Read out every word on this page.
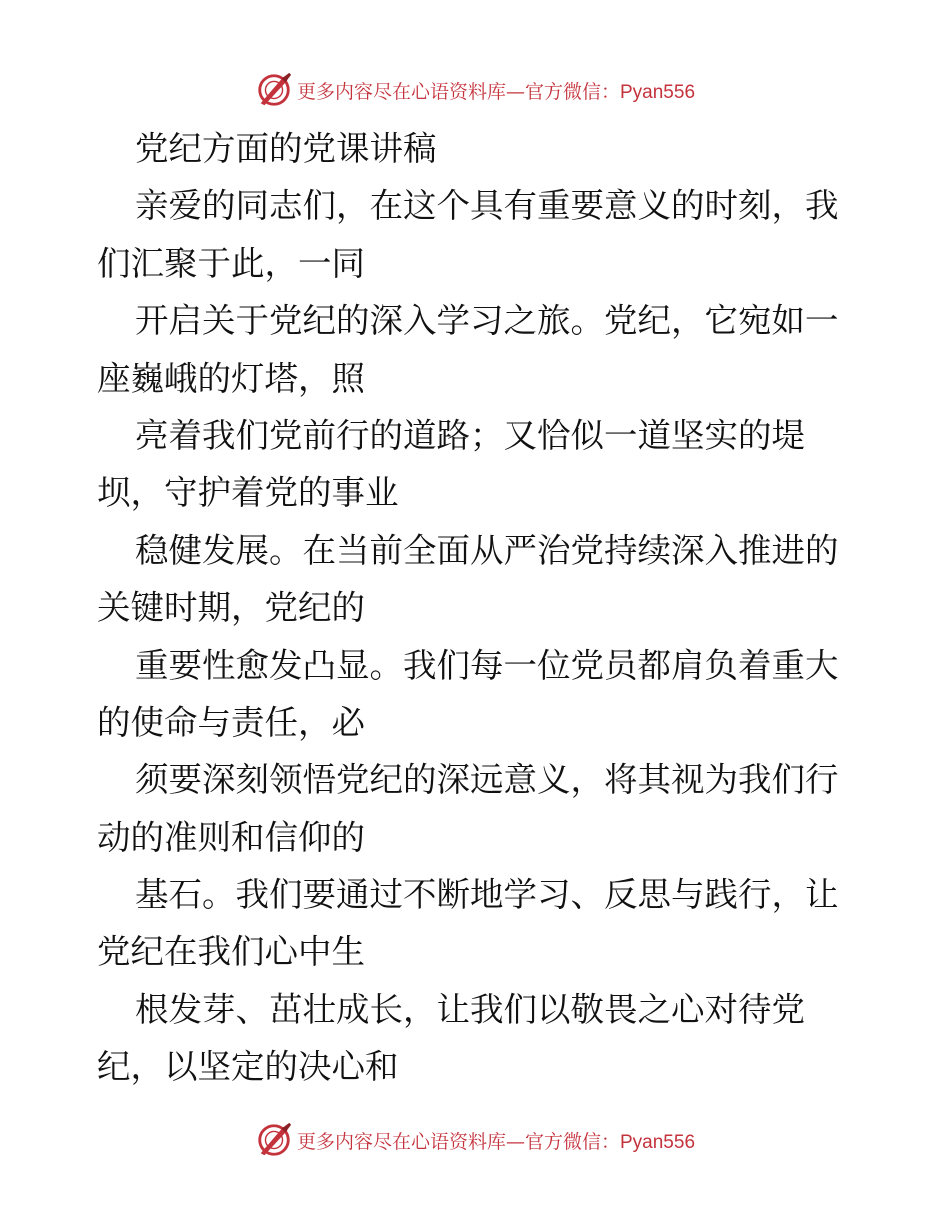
更多内容尽在心语资料库—官方微信：Pyan556
党纪方面的党课讲稿
亲爱的同志们，在这个具有重要意义的时刻，我
们汇聚于此，一同
开启关于党纪的深入学习之旅。党纪，它宛如一
座巍峨的灯塔，照
亮着我们党前行的道路；又恰似一道坚实的堤
坝，守护着党的事业
稳健发展。在当前全面从严治党持续深入推进的
关键时期，党纪的
重要性愈发凸显。我们每一位党员都肩负着重大
的使命与责任，必
须要深刻领悟党纪的深远意义，将其视为我们行
动的准则和信仰的
基石。我们要通过不断地学习、反思与践行，让
党纪在我们心中生
根发芽、茁壮成长，让我们以敬畏之心对待党
纪，以坚定的决心和
更多内容尽在心语资料库—官方微信：Pyan556
